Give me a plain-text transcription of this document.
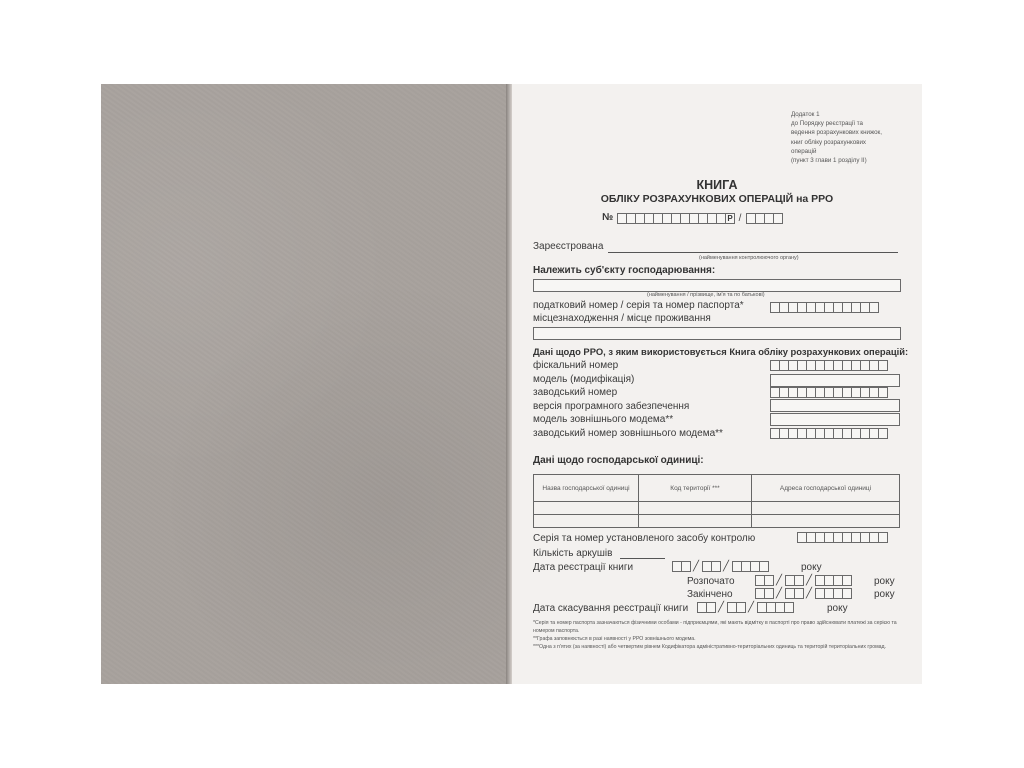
Додаток 1
до Порядку реєстрації та
ведення розрахункових книжок,
книг обліку розрахункових
операцій
(пункт 3 глави 1 розділу II)
КНИГА
ОБЛІКУ РОЗРАХУНКОВИХ ОПЕРАЦІЙ на РРО
№	Р /
Зареєстрована
(найменування контролюючого органу)
Належить суб'єкту господарювання:
(найменування / прізвище, ім'я та по батькові)
податковий номер / серія та номер паспорта*
місцезнаходження / місце проживання
Дані щодо РРО, з яким використовується Книга обліку розрахункових операцій:
фіскальний номер
модель (модифікація)
заводський номер
версія програмного забезпечення
модель зовнішнього модема**
заводський номер зовнішнього модема**
Дані щодо господарської одиниці:
Назва господарської одиниці	Код території ***	Адреса господарської одиниці

Серія та номер установленого засобу контролю
Кількість аркушів
Дата реєстрації книги	╱ ╱	року
Розпочато	╱ ╱	року
Закінчено	╱ ╱	року
Дата скасування реєстрації книги	╱ ╱	року
*Серія та номер паспорта зазначаються фізичними особами - підприємцями, які мають відмітку в паспорті про право здійснювати платежі за серією та номером паспорта.
**Графа заповнюється в разі наявності у РРО зовнішнього модема.
***Одна з п'ятих (за наявності) або четвертим рівнем Кодифікатора адміністративно-територіальних одиниць та територій територіальних громад.
